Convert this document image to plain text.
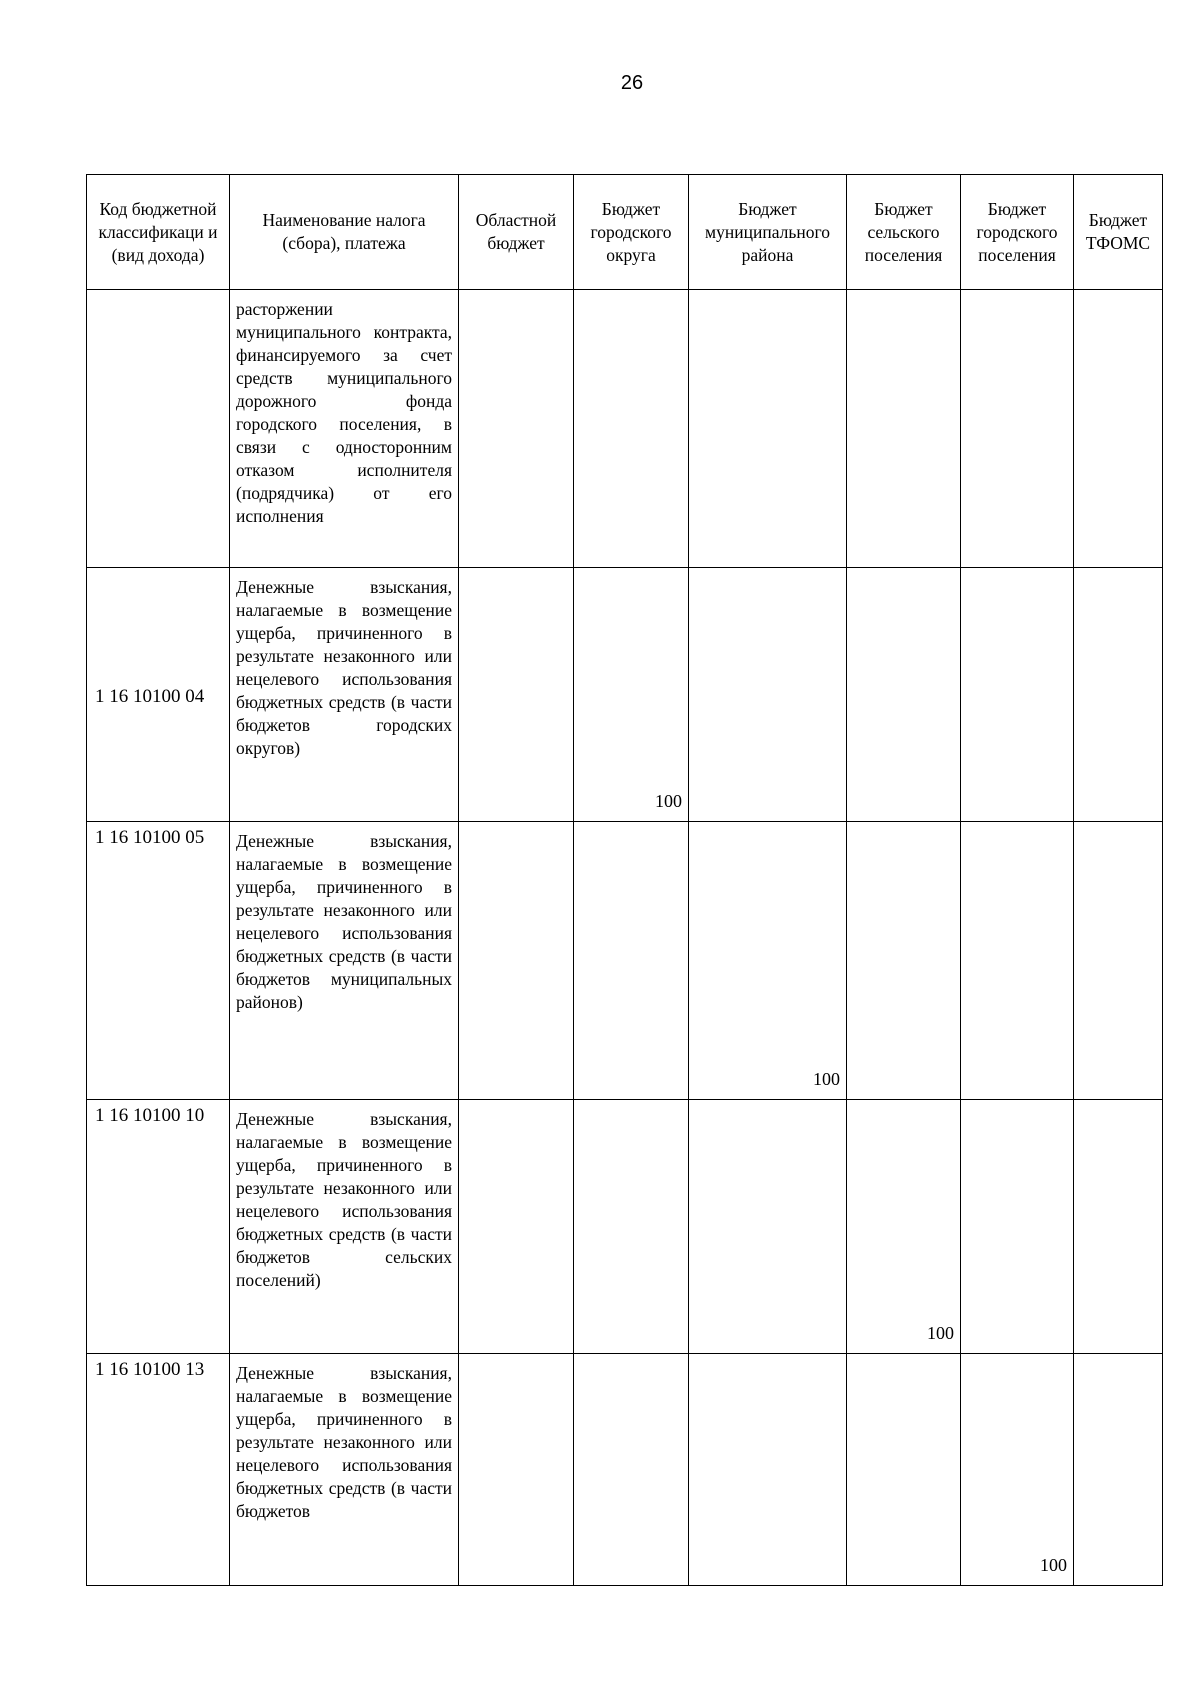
26
Код бюджетной классификаци и (вид дохода)	Наименование налога (сбора), платежа	Областной бюджет	Бюджет городского округа	Бюджет муниципального района	Бюджет сельского поселения	Бюджет городского поселения	Бюджет ТФОМС
	расторжении муниципального контракта, финансируемого за счет средств муниципального дорожного фонда городского поселения, в связи с односторонним отказом исполнителя (подрядчика) от его исполнения						
1 16 10100 04	Денежные взыскания, налагаемые в возмещение ущерба, причиненного в результате незаконного или нецелевого использования бюджетных средств (в части бюджетов городских округов)		100				
1 16 10100 05	Денежные взыскания, налагаемые в возмещение ущерба, причиненного в результате незаконного или нецелевого использования бюджетных средств (в части бюджетов муниципальных районов)			100			
1 16 10100 10	Денежные взыскания, налагаемые в возмещение ущерба, причиненного в результате незаконного или нецелевого использования бюджетных средств (в части бюджетов сельских поселений)				100		
1 16 10100 13	Денежные взыскания, налагаемые в возмещение ущерба, причиненного в результате незаконного или нецелевого использования бюджетных средств (в части бюджетов					100	
